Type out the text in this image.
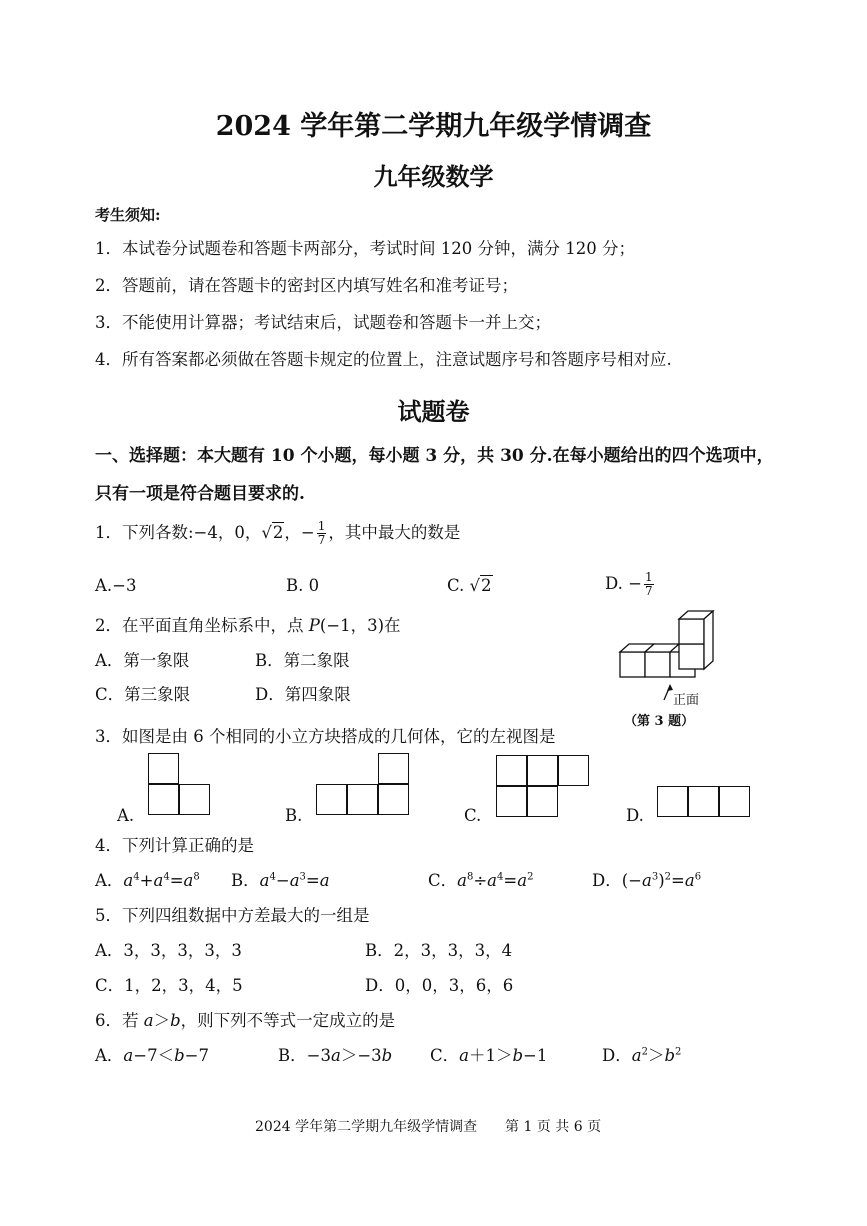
2024 学年第二学期九年级学情调查
九年级数学
考生须知:
1．本试卷分试题卷和答题卡两部分，考试时间 120 分钟，满分 120 分；
2．答题前，请在答题卡的密封区内填写姓名和准考证号；
3．不能使用计算器；考试结束后，试题卷和答题卡一并上交；
4．所有答案都必须做在答题卡规定的位置上，注意试题序号和答题序号相对应.
试题卷
一、选择题：本大题有 10 个小题，每小题 3 分，共 30 分.在每小题给出的四个选项中，
只有一项是符合题目要求的.
1．下列各数:−4，0，√2，− $\frac{1}{7}$ ，其中最大的数是
A.−3	B. 0	C. √2	D. − $\frac{1}{7}$
2．在平面直角坐标系中，点 P(−1，3)在
A．第一象限	B．第二象限
C．第三象限	D．第四象限	正面
（第 3 题）
3．如图是由 6 个相同的小立方块搭成的几何体，它的左视图是
A.	B.	C.	D.
4．下列计算正确的是
A．$a^4+a^4=a^8$ B．$a^4-a^3=a$	C．$a^8\div a^4=a^2$	D．$(-a^3)^2=a^6$
5．下列四组数据中方差最大的一组是
A．3，3，3，3，3	B．2，3，3，3，4
C．1，2，3，4，5	D．0，0，3，6，6
6．若 a＞b，则下列不等式一定成立的是
A．a−7＜b−7	B．−3a＞−3b C．a＋1＞b−1	D．$a^2>b^2$
2024 学年第二学期九年级学情调查 第 1 页 共 6 页
